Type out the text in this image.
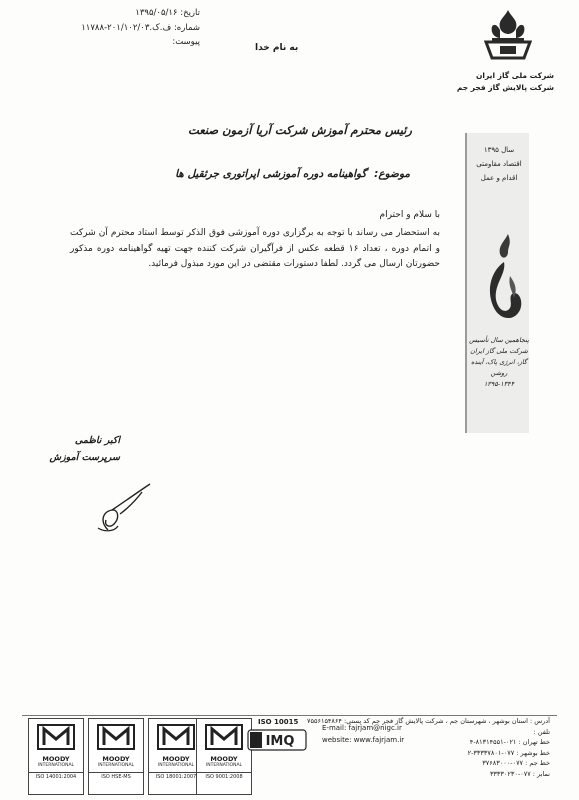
تاریخ: ۱۳۹۵/۰۵/۱۶
شماره: ف.ک.۲۰۱/۱۰۲/۰۳-۱۱۷۸۸
پیوست:
به نام خدا
شرکت ملی گاز ایران
شرکت پالایش گاز فجر جم
سال ۱۳۹۵
اقتصاد مقاومتی
اقدام و عمل
پنجاهمین سال تأسیس شرکت ملی گاز ایران
گاز، انرژی پاک، آینده روشن
۱۳۹۵-۱۳۴۴
رئیس محترم آموزش شرکت آریا آزمون صنعت
موضوع: گواهینامه دوره آموزشی اپراتوری جرثقیل ها
با سلام و احترام
به استحضار می رساند با توجه به برگزاری دوره آموزشی فوق الذکر توسط استاد محترم آن شرکت و اتمام دوره ، تعداد ۱۶ قطعه عکس از فرآگیران شرکت کننده جهت تهیه گواهینامه دوره مذکور حضورتان ارسال می گردد. لطفا دستورات مقتضی در این مورد مبذول فرمائید.
اکبر ناظمی
سرپرست آموزش
MOODY
INTERNATIONAL
ISO 14001:2004
MOODY
INTERNATIONAL
ISO HSE-MS
MOODY
INTERNATIONAL
ISO 18001:2007
MOODY
INTERNATIONAL
ISO 9001:2008
ISO 10015
IMQ
E-mail: fajrjam@nigc.ir
website: www.fajrjam.ir
آدرس : استان بوشهر ، شهرستان جم ، شرکت پالایش گاز فجر جم کد پستی: ۷۵۵۶۱۵۴۸۶۴
تلفن :
خط تهران : ۰۲۱-۸۱۳۱۴۵۵۱-۴
خط بوشهر : ۰۷۷-۳۳۳۳۷۸۰۱-۲
خط جم : ۰۷۷-۳۷۶۸۳۰۰۰
نمابر : ۰۷۷-۳۳۳۳۰۲۳۰
